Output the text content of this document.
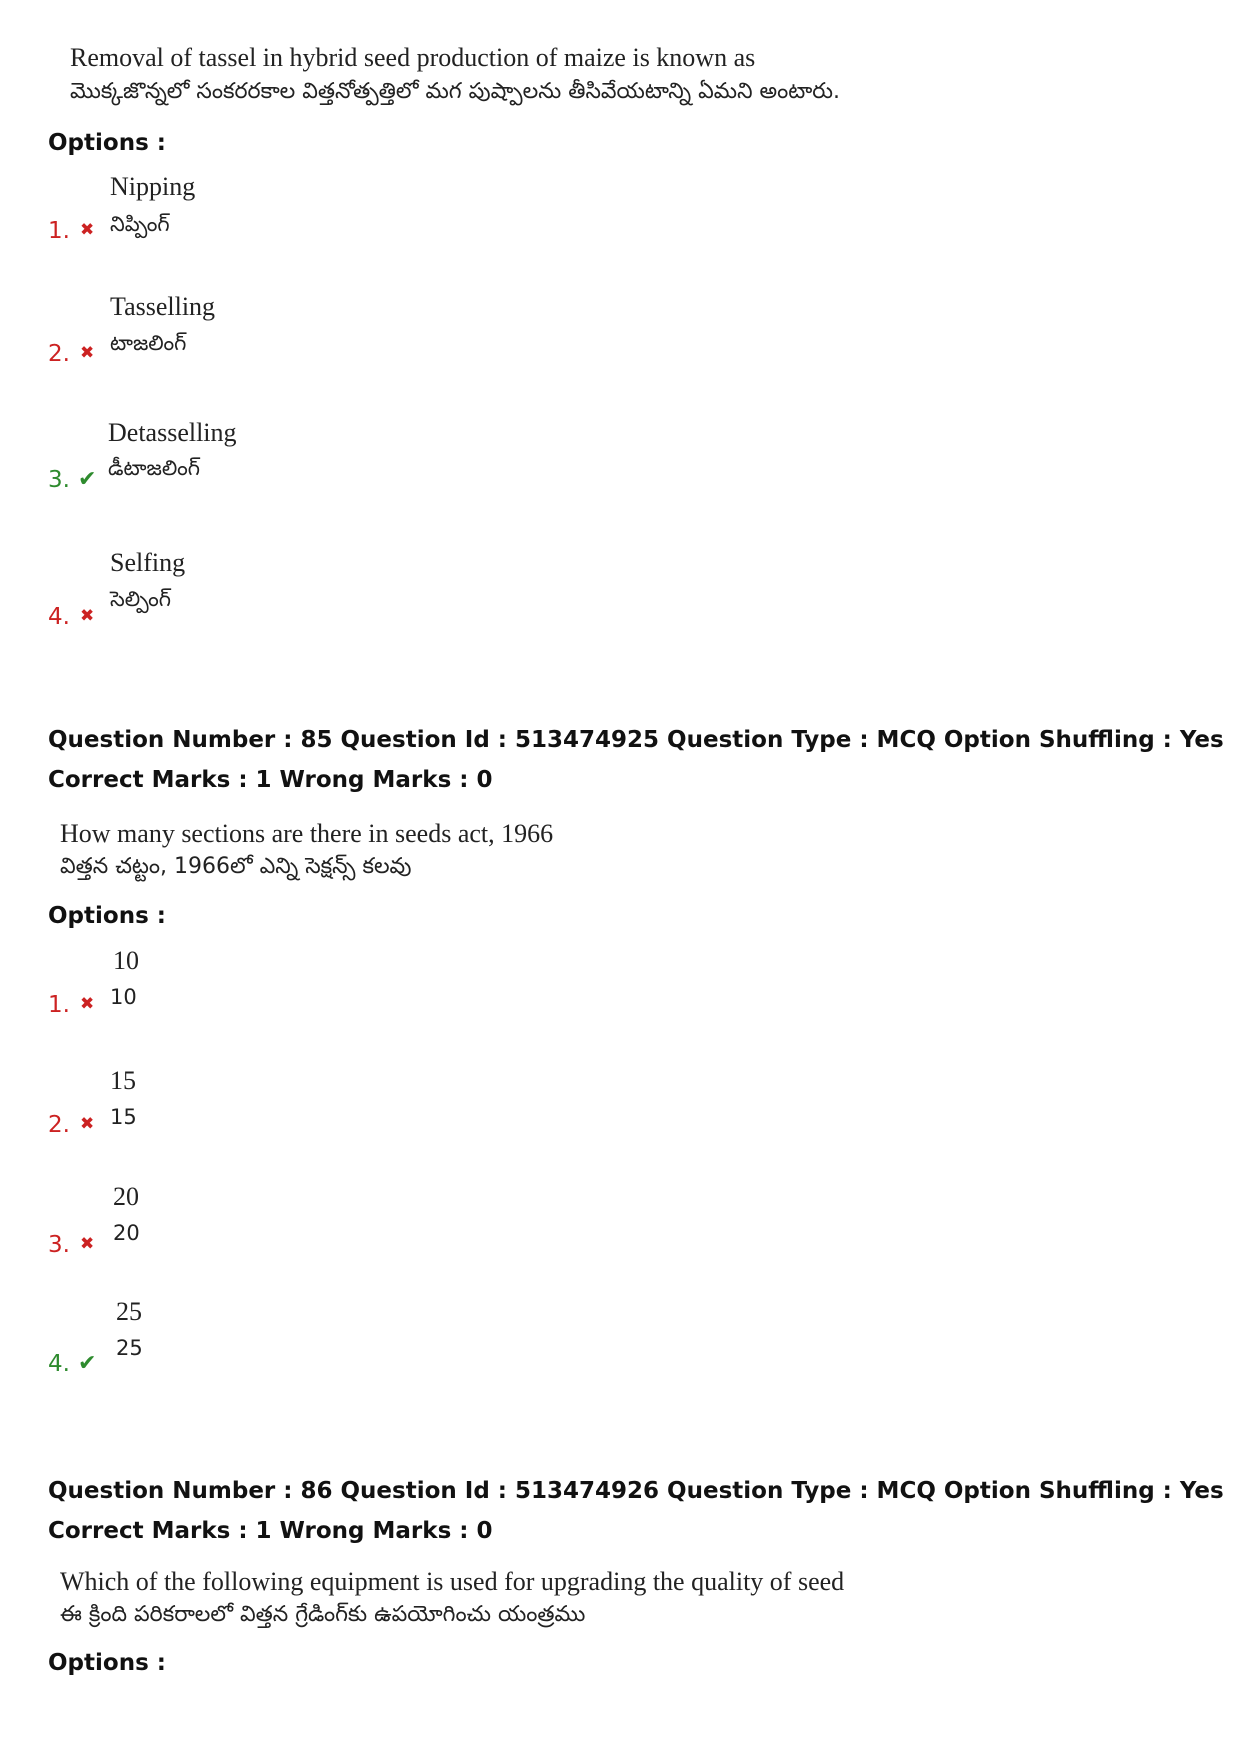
Removal of tassel in hybrid seed production of maize is known as
మొక్కజొన్నలో సంకరరకాల విత్తనోత్పత్తిలో మగ పుష్పాలను తీసివేయటాన్ని ఏమని అంటారు.
Options :
Nipping
నిప్పింగ్
1. ✖
Tasselling
టాజలింగ్
2. ✖
Detasselling
డీటాజలింగ్
3. ✔
Selfing
సెల్పింగ్
4. ✖
Question Number : 85 Question Id : 513474925 Question Type : MCQ Option Shuffling : Yes
Correct Marks : 1 Wrong Marks : 0
How many sections are there in seeds act, 1966
విత్తన చట్టం, 1966లో ఎన్ని సెక్షన్స్ కలవు
Options :
10
10
1. ✖
15
15
2. ✖
20
20
3. ✖
25
25
4. ✔
Question Number : 86 Question Id : 513474926 Question Type : MCQ Option Shuffling : Yes
Correct Marks : 1 Wrong Marks : 0
Which of the following equipment is used for upgrading the quality of seed
ఈ క్రింది పరికరాలలో విత్తన గ్రేడింగ్‌కు ఉపయోగించు యంత్రము
Options :
